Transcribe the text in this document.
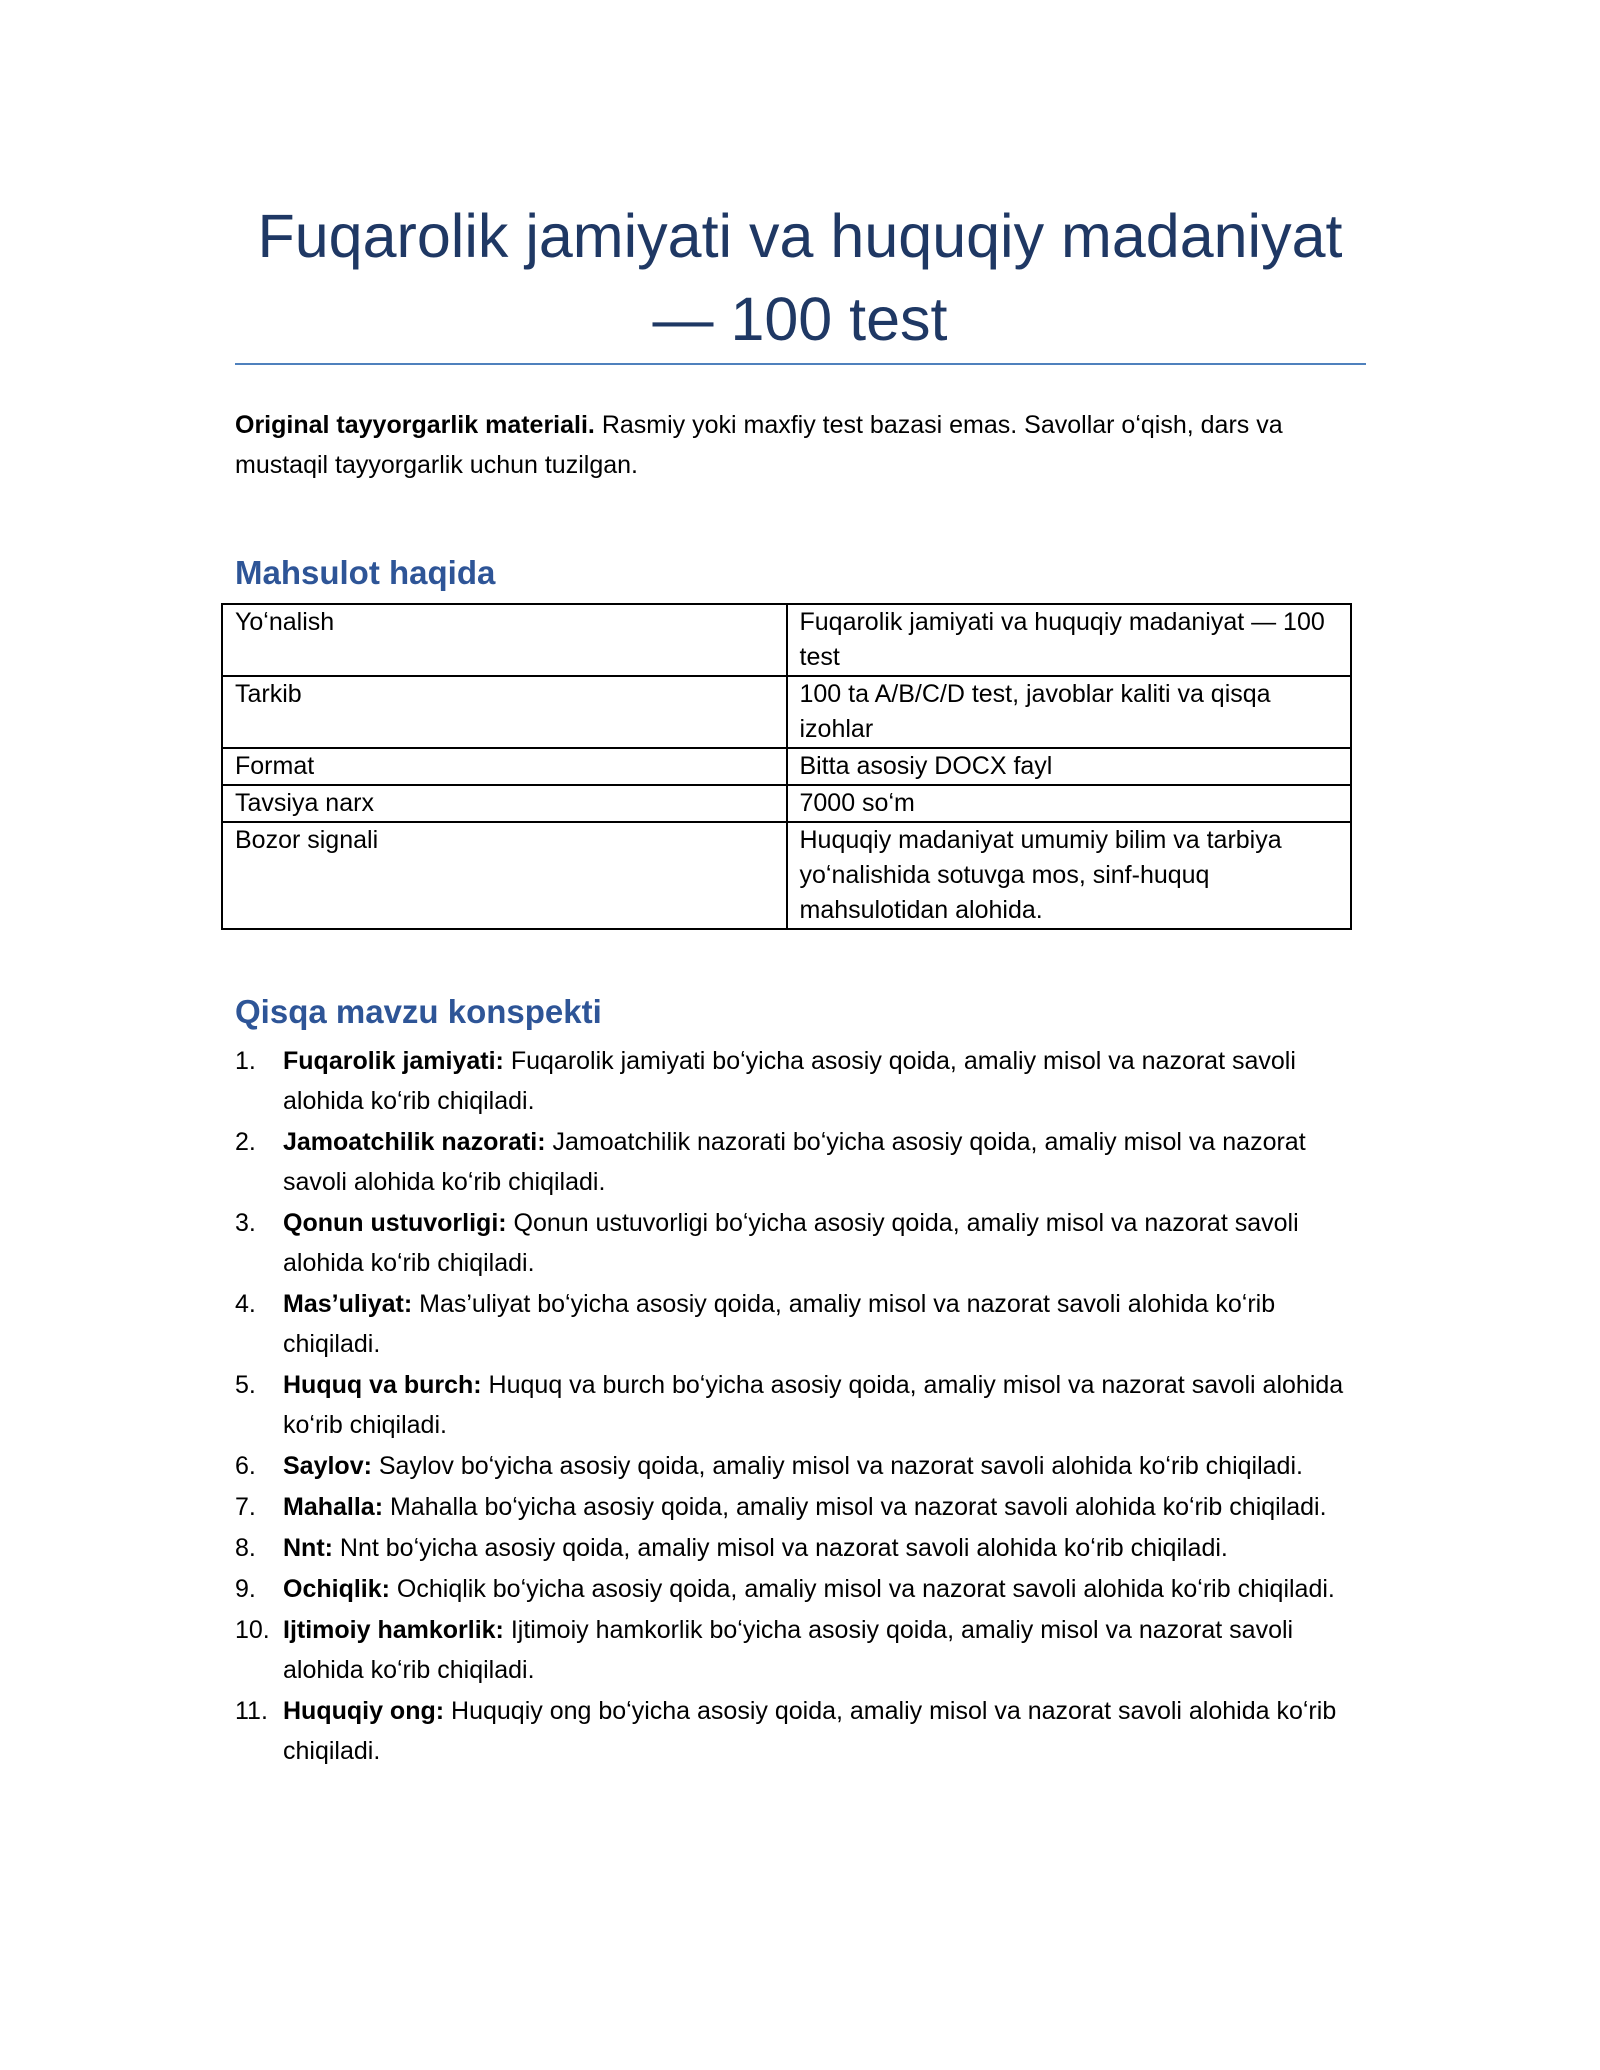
Fuqarolik jamiyati va huquqiy madaniyat — 100 test

Original tayyorgarlik materiali. Rasmiy yoki maxfiy test bazasi emas. Savollar oʻqish, dars va mustaqil tayyorgarlik uchun tuzilgan.

Mahsulot haqida
Yoʻnalish	Fuqarolik jamiyati va huquqiy madaniyat — 100 test
Tarkib	100 ta A/B/C/D test, javoblar kaliti va qisqa izohlar
Format	Bitta asosiy DOCX fayl
Tavsiya narx	7000 soʻm
Bozor signali	Huquqiy madaniyat umumiy bilim va tarbiya yoʻnalishida sotuvga mos, sinf-huquq mahsulotidan alohida.
Qisqa mavzu konspekti
1. Fuqarolik jamiyati: Fuqarolik jamiyati boʻyicha asosiy qoida, amaliy misol va nazorat savoli alohida koʻrib chiqiladi.
2. Jamoatchilik nazorati: Jamoatchilik nazorati boʻyicha asosiy qoida, amaliy misol va nazorat savoli alohida koʻrib chiqiladi.
3. Qonun ustuvorligi: Qonun ustuvorligi boʻyicha asosiy qoida, amaliy misol va nazorat savoli alohida koʻrib chiqiladi.
4. Mas’uliyat: Mas’uliyat boʻyicha asosiy qoida, amaliy misol va nazorat savoli alohida koʻrib chiqiladi.
5. Huquq va burch: Huquq va burch boʻyicha asosiy qoida, amaliy misol va nazorat savoli alohida koʻrib chiqiladi.
6. Saylov: Saylov boʻyicha asosiy qoida, amaliy misol va nazorat savoli alohida koʻrib chiqiladi.
7. Mahalla: Mahalla boʻyicha asosiy qoida, amaliy misol va nazorat savoli alohida koʻrib chiqiladi.
8. Nnt: Nnt boʻyicha asosiy qoida, amaliy misol va nazorat savoli alohida koʻrib chiqiladi.
9. Ochiqlik: Ochiqlik boʻyicha asosiy qoida, amaliy misol va nazorat savoli alohida koʻrib chiqiladi.
10. Ijtimoiy hamkorlik: Ijtimoiy hamkorlik boʻyicha asosiy qoida, amaliy misol va nazorat savoli alohida koʻrib chiqiladi.
11. Huquqiy ong: Huquqiy ong boʻyicha asosiy qoida, amaliy misol va nazorat savoli alohida koʻrib chiqiladi.
